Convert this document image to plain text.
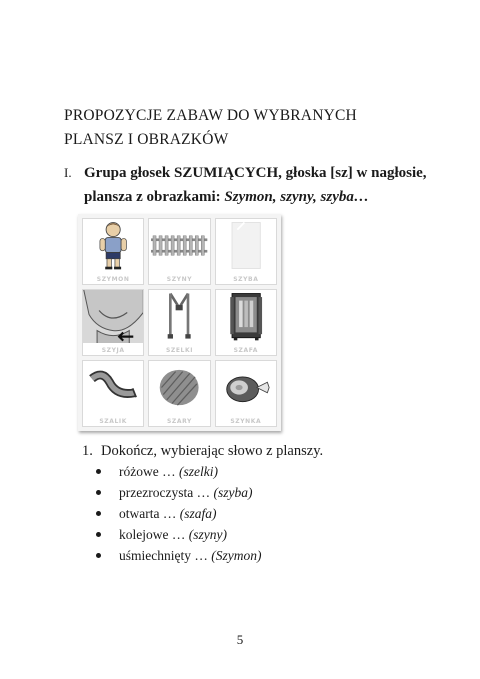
PROPOZYCJE ZABAW DO WYBRANYCH
PLANSZ I OBRAZKÓW
I. Grupa głosek SZUMIĄCYCH, głoska [sz] w nagłosie,
plansza z obrazkami: Szymon, szyny, szyba…
SZYMON	SZYNY	SZYBA
SZYJA	SZELKI	SZAFA
SZALIK	SZARY	SZYNKA
1. Dokończ, wybierając słowo z planszy.
różowe … (szelki)
przezroczysta … (szyba)
otwarta … (szafa)
kolejowe … (szyny)
uśmiechnięty … (Szymon)
5
